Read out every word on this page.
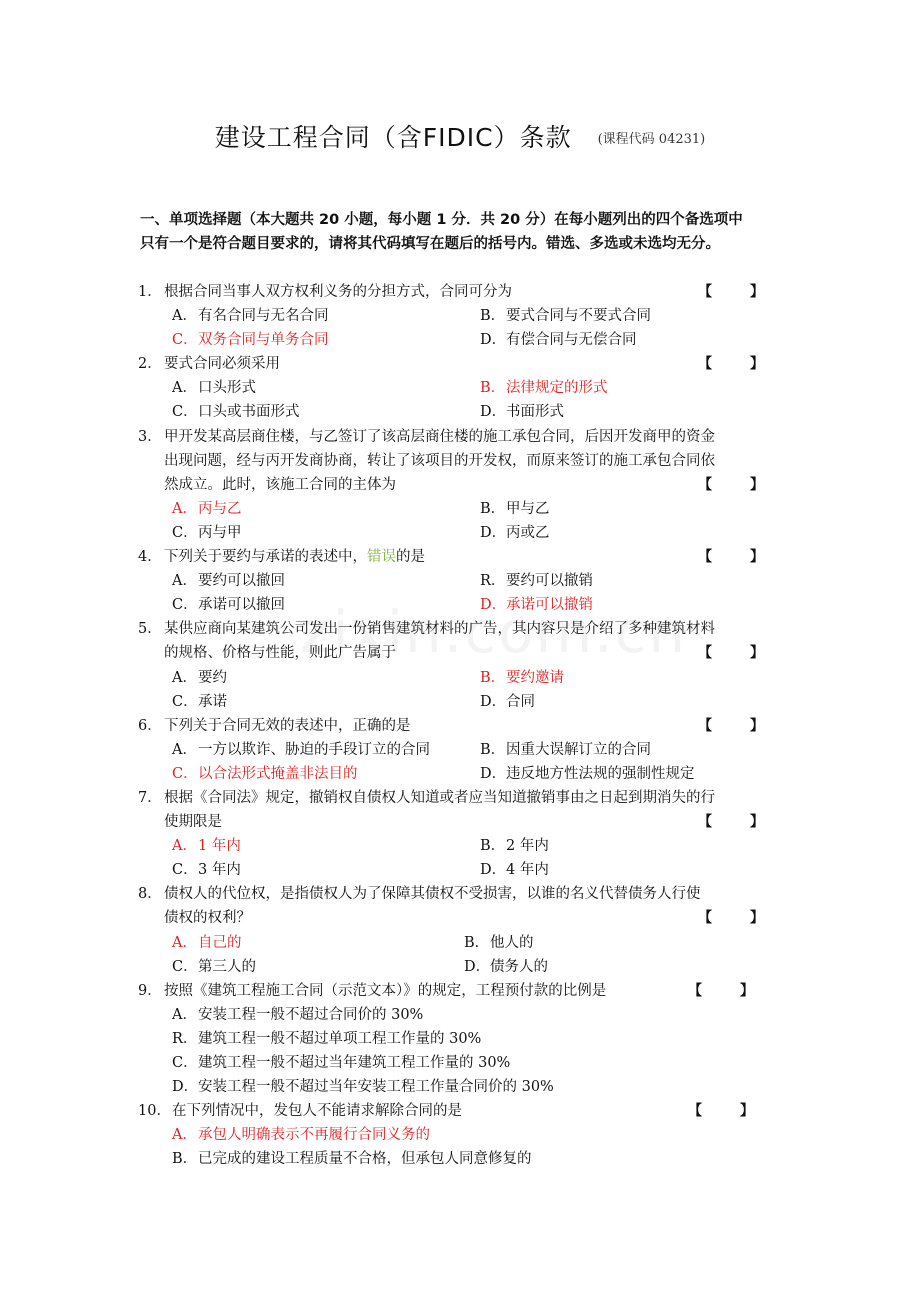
建设工程合同（含FIDIC）条款 (课程代码 04231)
一、单项选择题（本大题共 20 小题，每小题 1 分．共 20 分）在每小题列出的四个备选项中
只有一个是符合题目要求的，请将其代码填写在题后的括号内。错选、多选或未选均无分。
1． 根据合同当事人双方权利义务的分担方式，合同可分为	【	】
A．有名合同与无名合同	B．要式合同与不要式合同
C．双务合同与单务合同	D．有偿合同与无偿合同
2． 要式合同必须采用	【	】
A．口头形式	B．法律规定的形式
C．口头或书面形式	D．书面形式
3． 甲开发某高层商住楼，与乙签订了该高层商住楼的施工承包合同，后因开发商甲的资金
出现问题，经与丙开发商协商，转让了该项目的开发权，而原来签订的施工承包合同依
然成立。此时，该施工合同的主体为	【	】
A．丙与乙	B．甲与乙
C．丙与甲	D．丙或乙
4． 下列关于要约与承诺的表述中，错误的是	【	】
A．要约可以撤回	R．要约可以撤销
C．承诺可以撤回	D．承诺可以撤销
5． 某供应商向某建筑公司发出一份销售建筑材料的广告，其内容只是介绍了多种建筑材料
的规格、价格与性能，则此广告属于	【	】
A．要约	B．要约邀请
C．承诺	D．合同
6． 下列关于合同无效的表述中，正确的是	【	】
A．一方以欺诈、胁迫的手段订立的合同	B．因重大误解订立的合同
C．以合法形式掩盖非法目的	D．违反地方性法规的强制性规定
7． 根据《合同法》规定，撤销权自债权人知道或者应当知道撤销事由之日起到期消失的行
使期限是	【	】
A．1 年内	B．2 年内
C．3 年内	D．4 年内
8． 债权人的代位权，是指债权人为了保障其债权不受损害，以谁的名义代替债务人行使
债权的权利？	【	】
A．自己的	B．他人的
C．第三人的	D．债务人的
9． 按照《建筑工程施工合同（示范文本）》的规定，工程预付款的比例是	【	】
A．安装工程一般不超过合同价的 30%
R．建筑工程一般不超过单项工程工作量的 30%
C．建筑工程一般不超过当年建筑工程工作量的 30%
D．安装工程一般不超过当年安装工程工作量合同价的 30%
10．在下列情况中，发包人不能请求解除合同的是	【	】
A．承包人明确表示不再履行合同义务的
B．已完成的建设工程质量不合格，但承包人同意修复的
